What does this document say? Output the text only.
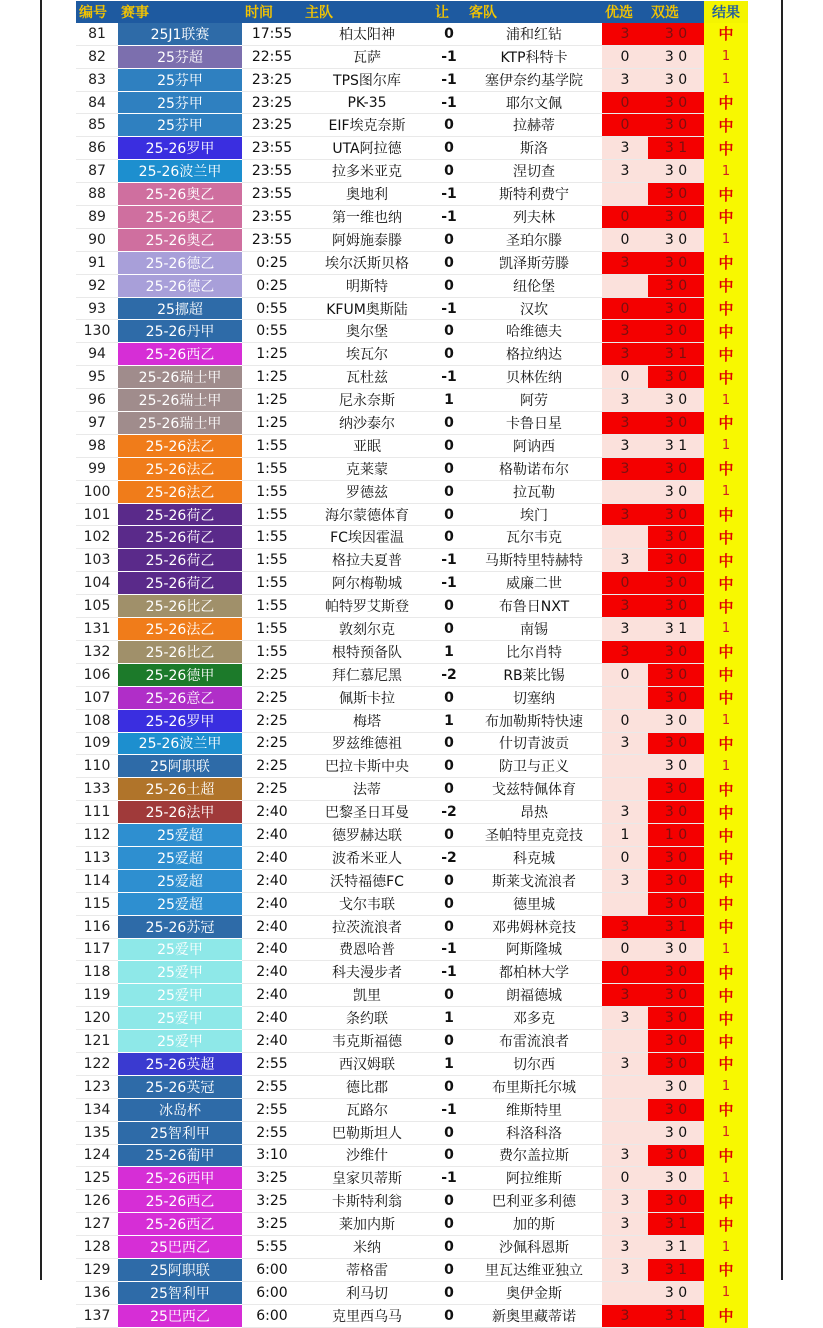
编号	赛事	时间	主队	让	客队	优选	双选	结果
81	25J1联赛	17:55	柏太阳神	0	浦和红钻	3	3 0	中
82	25芬超	22:55	瓦萨	-1	KTP科特卡	0	3 0	1
83	25芬甲	23:25	TPS图尔库	-1	塞伊奈约基学院	3	3 0	1
84	25芬甲	23:25	PK-35	-1	耶尔文佩	0	3 0	中
85	25芬甲	23:25	EIF埃克奈斯	0	拉赫蒂	0	3 0	中
86	25-26罗甲	23:55	UTA阿拉德	0	斯洛	3	3 1	中
87	25-26波兰甲	23:55	拉多米亚克	0	涅切查	3	3 0	1
88	25-26奥乙	23:55	奥地利	-1	斯特利费宁		3 0	中
89	25-26奥乙	23:55	第一维也纳	-1	列夫林	0	3 0	中
90	25-26奥乙	23:55	阿姆施泰滕	0	圣珀尔滕	0	3 0	1
91	25-26德乙	0:25	埃尔沃斯贝格	0	凯泽斯劳滕	3	3 0	中
92	25-26德乙	0:25	明斯特	0	纽伦堡		3 0	中
93	25挪超	0:55	KFUM奥斯陆	-1	汉坎	0	3 0	中
130	25-26丹甲	0:55	奥尔堡	0	哈维德夫	3	3 0	中
94	25-26西乙	1:25	埃瓦尔	0	格拉纳达	3	3 1	中
95	25-26瑞士甲	1:25	瓦杜兹	-1	贝林佐纳	0	3 0	中
96	25-26瑞士甲	1:25	尼永奈斯	1	阿劳	3	3 0	1
97	25-26瑞士甲	1:25	纳沙泰尔	0	卡鲁日星	3	3 0	中
98	25-26法乙	1:55	亚眠	0	阿讷西	3	3 1	1
99	25-26法乙	1:55	克莱蒙	0	格勒诺布尔	3	3 0	中
100	25-26法乙	1:55	罗德兹	0	拉瓦勒		3 0	1
101	25-26荷乙	1:55	海尔蒙德体育	0	埃门	3	3 0	中
102	25-26荷乙	1:55	FC埃因霍温	0	瓦尔韦克		3 0	中
103	25-26荷乙	1:55	格拉夫夏普	-1	马斯特里特赫特	3	3 0	中
104	25-26荷乙	1:55	阿尔梅勒城	-1	威廉二世	0	3 0	中
105	25-26比乙	1:55	帕特罗艾斯登	0	布鲁日NXT	3	3 0	中
131	25-26法乙	1:55	敦刻尔克	0	南锡	3	3 1	1
132	25-26比乙	1:55	根特预备队	1	比尔肖特	3	3 0	中
106	25-26德甲	2:25	拜仁慕尼黑	-2	RB莱比锡	0	3 0	中
107	25-26意乙	2:25	佩斯卡拉	0	切塞纳		3 0	中
108	25-26罗甲	2:25	梅塔	1	布加勒斯特快速	0	3 0	1
109	25-26波兰甲	2:25	罗兹维德祖	0	什切青波贡	3	3 0	中
110	25阿职联	2:25	巴拉卡斯中央	0	防卫与正义		3 0	1
133	25-26土超	2:25	法蒂	0	戈兹特佩体育		3 0	中
111	25-26法甲	2:40	巴黎圣日耳曼	-2	昂热	3	3 0	中
112	25爱超	2:40	德罗赫达联	0	圣帕特里克竞技	1	1 0	中
113	25爱超	2:40	波希米亚人	-2	科克城	0	3 0	中
114	25爱超	2:40	沃特福德FC	0	斯莱戈流浪者	3	3 0	中
115	25爱超	2:40	戈尔韦联	0	德里城		3 0	中
116	25-26苏冠	2:40	拉茨流浪者	0	邓弗姆林竞技	3	3 1	中
117	25爱甲	2:40	费恩哈普	-1	阿斯隆城	0	3 0	1
118	25爱甲	2:40	科夫漫步者	-1	都柏林大学	0	3 0	中
119	25爱甲	2:40	凯里	0	朗福德城	3	3 0	中
120	25爱甲	2:40	条约联	1	邓多克	3	3 0	中
121	25爱甲	2:40	韦克斯福德	0	布雷流浪者		3 0	中
122	25-26英超	2:55	西汉姆联	1	切尔西	3	3 0	中
123	25-26英冠	2:55	德比郡	0	布里斯托尔城		3 0	1
134	冰岛杯	2:55	瓦路尔	-1	维斯特里		3 0	中
135	25智利甲	2:55	巴勒斯坦人	0	科洛科洛		3 0	1
124	25-26葡甲	3:10	沙维什	0	费尔盖拉斯	3	3 0	中
125	25-26西甲	3:25	皇家贝蒂斯	-1	阿拉维斯	0	3 0	1
126	25-26西乙	3:25	卡斯特利翁	0	巴利亚多利德	3	3 0	中
127	25-26西乙	3:25	莱加内斯	0	加的斯	3	3 1	中
128	25巴西乙	5:55	米纳	0	沙佩科恩斯	3	3 1	1
129	25阿职联	6:00	蒂格雷	0	里瓦达维亚独立	3	3 1	中
136	25智利甲	6:00	利马切	0	奥伊金斯		3 0	1
137	25巴西乙	6:00	克里西乌马	0	新奥里藏蒂诺	3	3 1	中
